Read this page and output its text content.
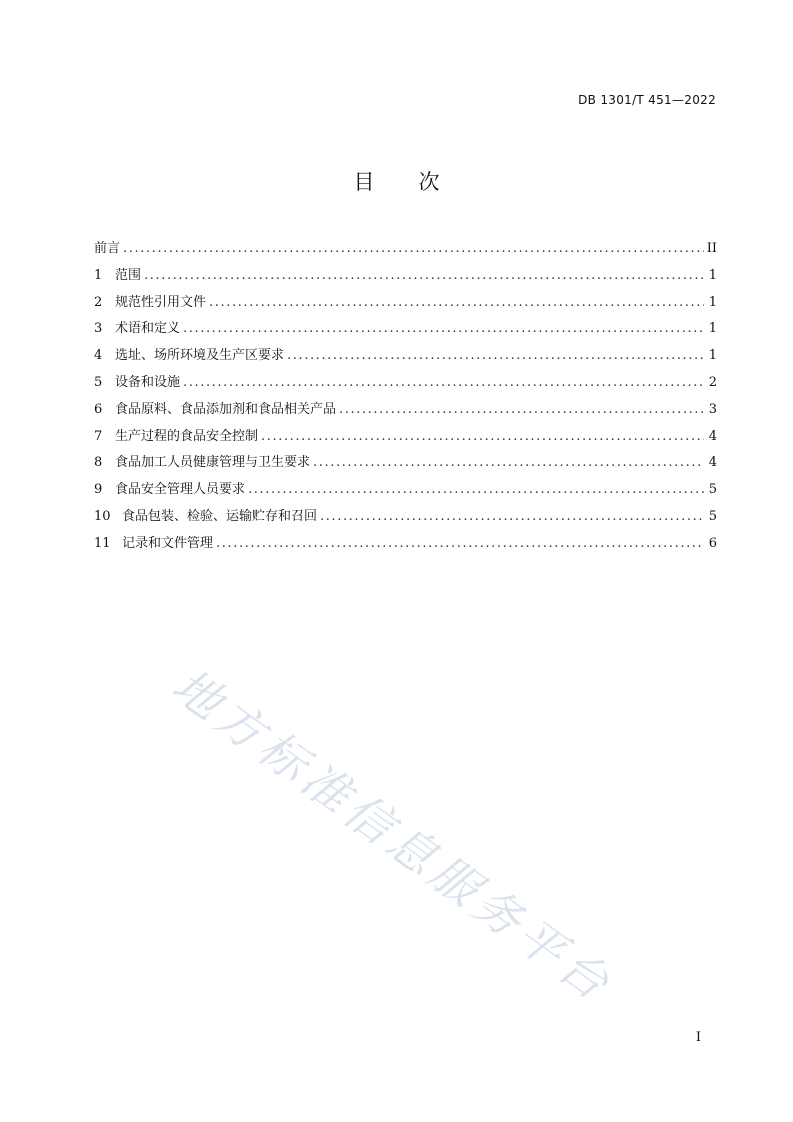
DB 1301/T 451—2022
目 次
前言 .....	II
1 范围 .....	1
2 规范性引用文件 .....	1
3 术语和定义 .....	1
4 选址、场所环境及生产区要求 .....	1
5 设备和设施 .....	2
6 食品原料、食品添加剂和食品相关产品 .....	3
7 生产过程的食品安全控制 .....	4
8 食品加工人员健康管理与卫生要求 .....	4
9 食品安全管理人员要求 .....	5
10 食品包装、检验、运输贮存和召回 .....	5
11 记录和文件管理 .....	6
地方标准信息服务平台
I
